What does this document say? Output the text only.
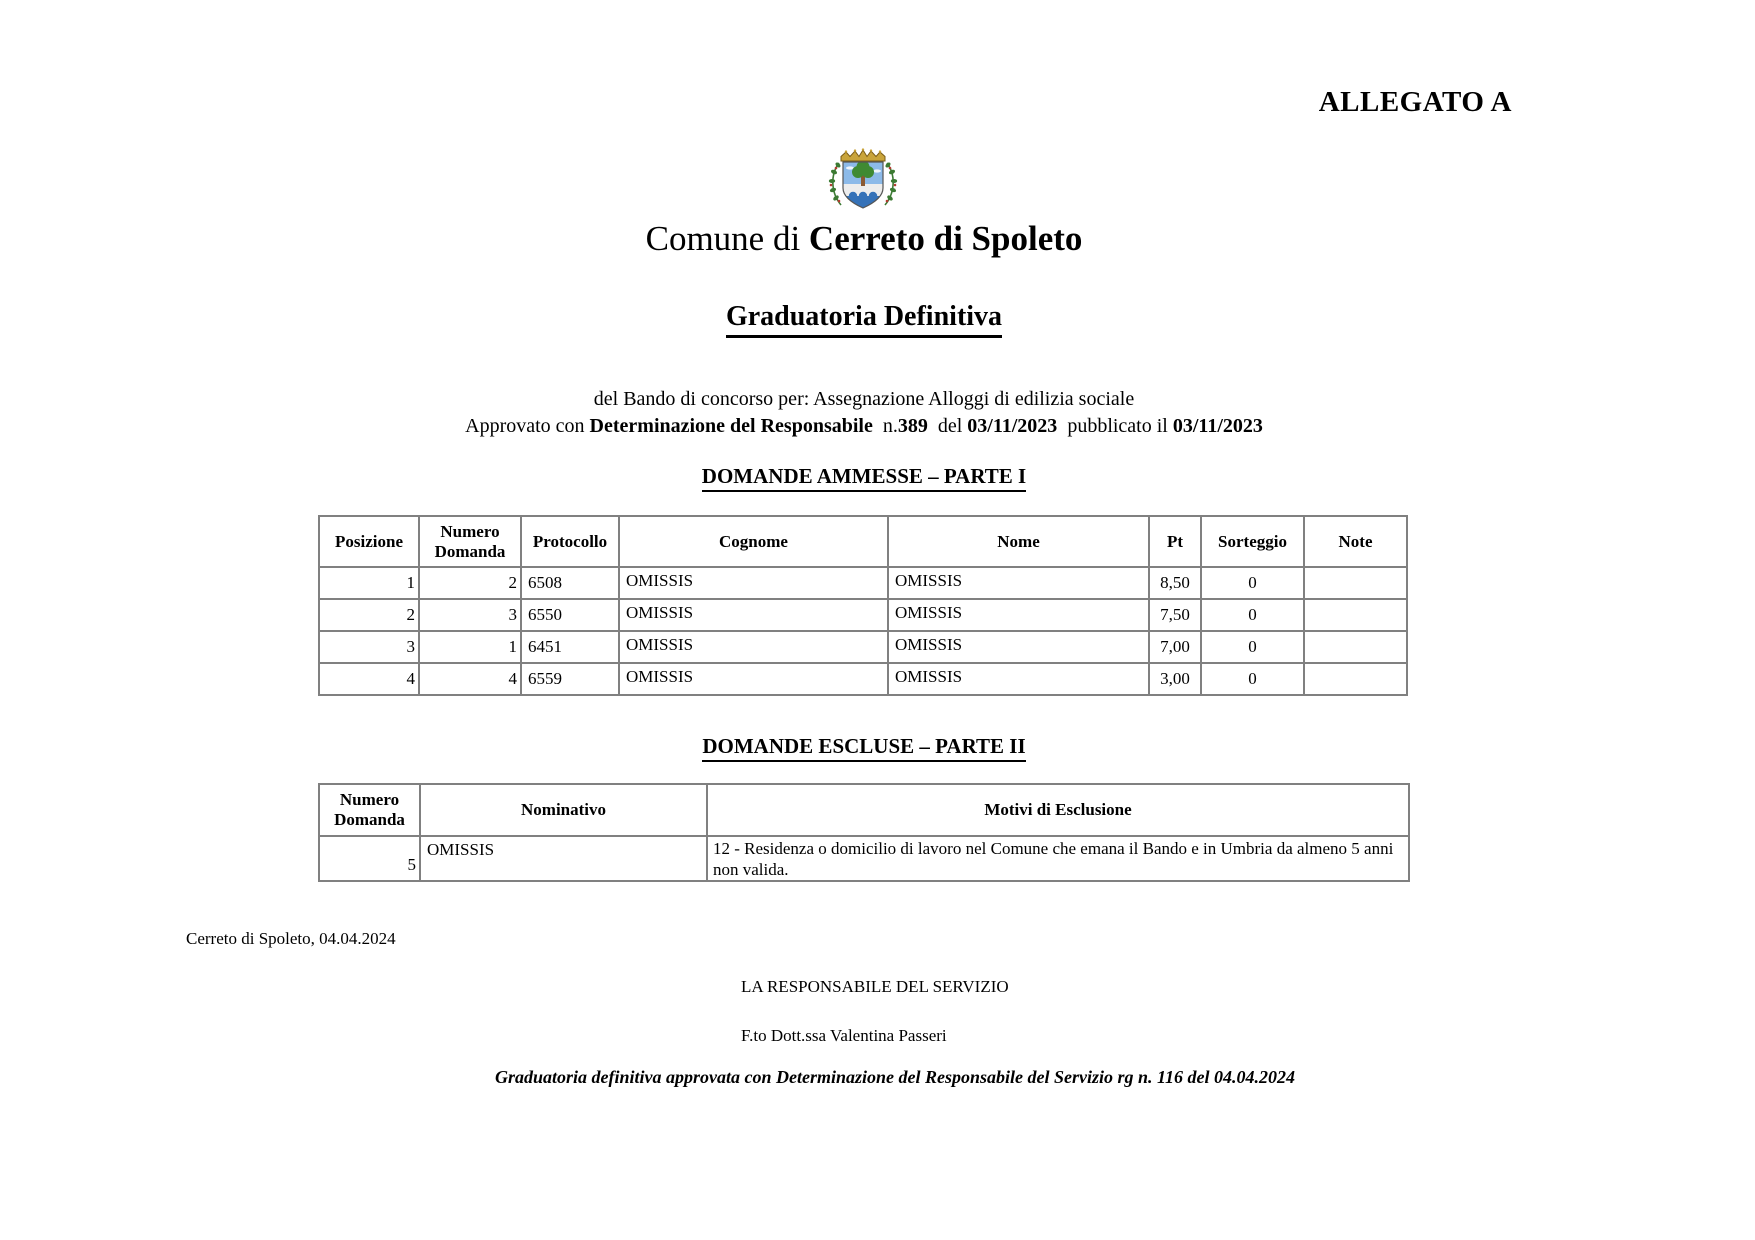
ALLEGATO A
Comune di Cerreto di Spoleto
Graduatoria Definitiva
del Bando di concorso per: Assegnazione Alloggi di edilizia sociale
Approvato con Determinazione del Responsabile  n.389  del 03/11/2023  pubblicato il 03/11/2023
DOMANDE AMMESSE – PARTE I
Posizione	Numero Domanda	Protocollo	Cognome	Nome	Pt	Sorteggio	Note
1	2	6508	OMISSIS	OMISSIS	8,50	0	
2	3	6550	OMISSIS	OMISSIS	7,50	0	
3	1	6451	OMISSIS	OMISSIS	7,00	0	
4	4	6559	OMISSIS	OMISSIS	3,00	0	
DOMANDE ESCLUSE – PARTE II
Numero Domanda	Nominativo	Motivi di Esclusione
5	OMISSIS	12 - Residenza o domicilio di lavoro nel Comune che emana il Bando e in Umbria da almeno 5 anni non valida.
Cerreto di Spoleto, 04.04.2024
LA RESPONSABILE DEL SERVIZIO
F.to Dott.ssa Valentina Passeri
Graduatoria definitiva approvata con Determinazione del Responsabile del Servizio rg n. 116 del 04.04.2024
